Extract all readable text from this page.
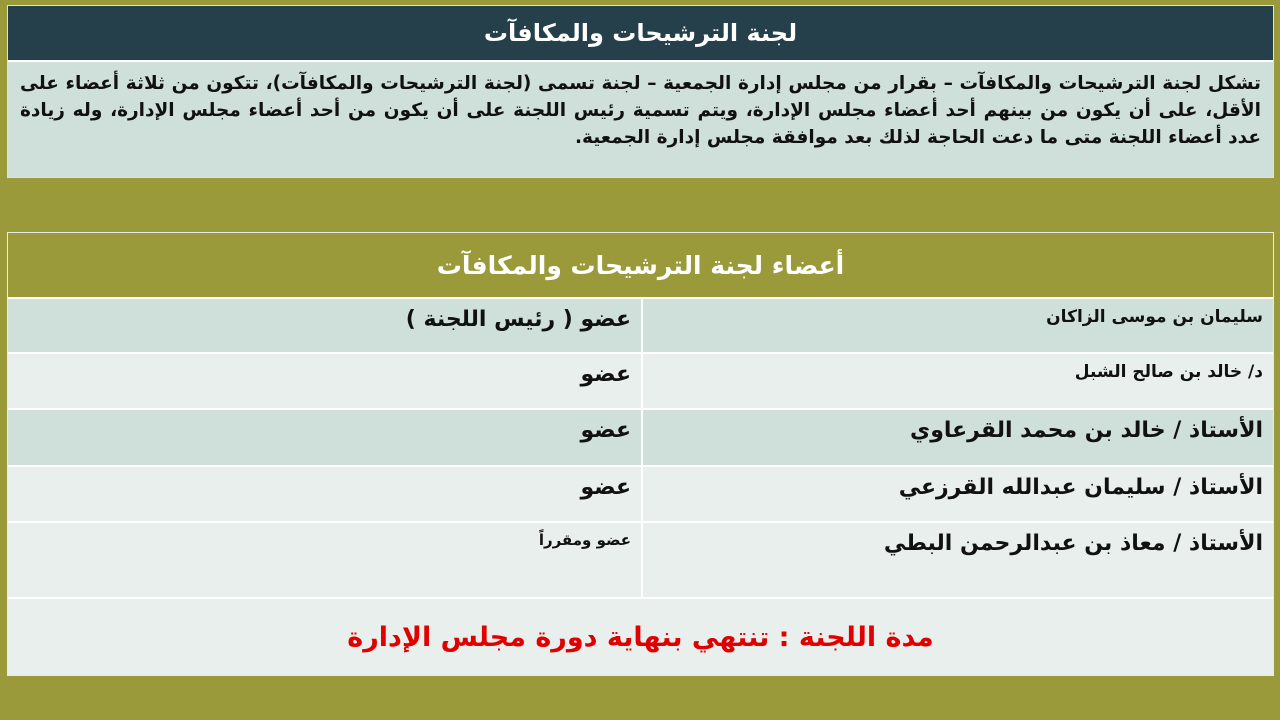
لجنة الترشيحات والمكافآت
تشكل لجنة الترشيحات والمكافآت – بقرار من مجلس إدارة الجمعية – لجنة تسمى (لجنة الترشيحات والمكافآت)، تتكون من ثلاثة أعضاء على الأقل، على أن يكون من بينهم أحد أعضاء مجلس الإدارة، ويتم تسمية رئيس اللجنة على أن يكون من أحد أعضاء مجلس الإدارة، وله زيادة عدد أعضاء اللجنة متى ما دعت الحاجة لذلك بعد موافقة مجلس إدارة الجمعية.
أعضاء لجنة الترشيحات والمكافآت
سليمان بن موسى الزاكان
عضو ( رئيس اللجنة )
د/ خالد بن صالح الشبل
عضو
الأستاذ / خالد بن محمد القرعاوي
عضو
الأستاذ / سليمان عبدالله القرزعي
عضو
الأستاذ / معاذ بن عبدالرحمن البطي
عضو ومقرراً
مدة اللجنة : تنتهي بنهاية دورة مجلس الإدارة
